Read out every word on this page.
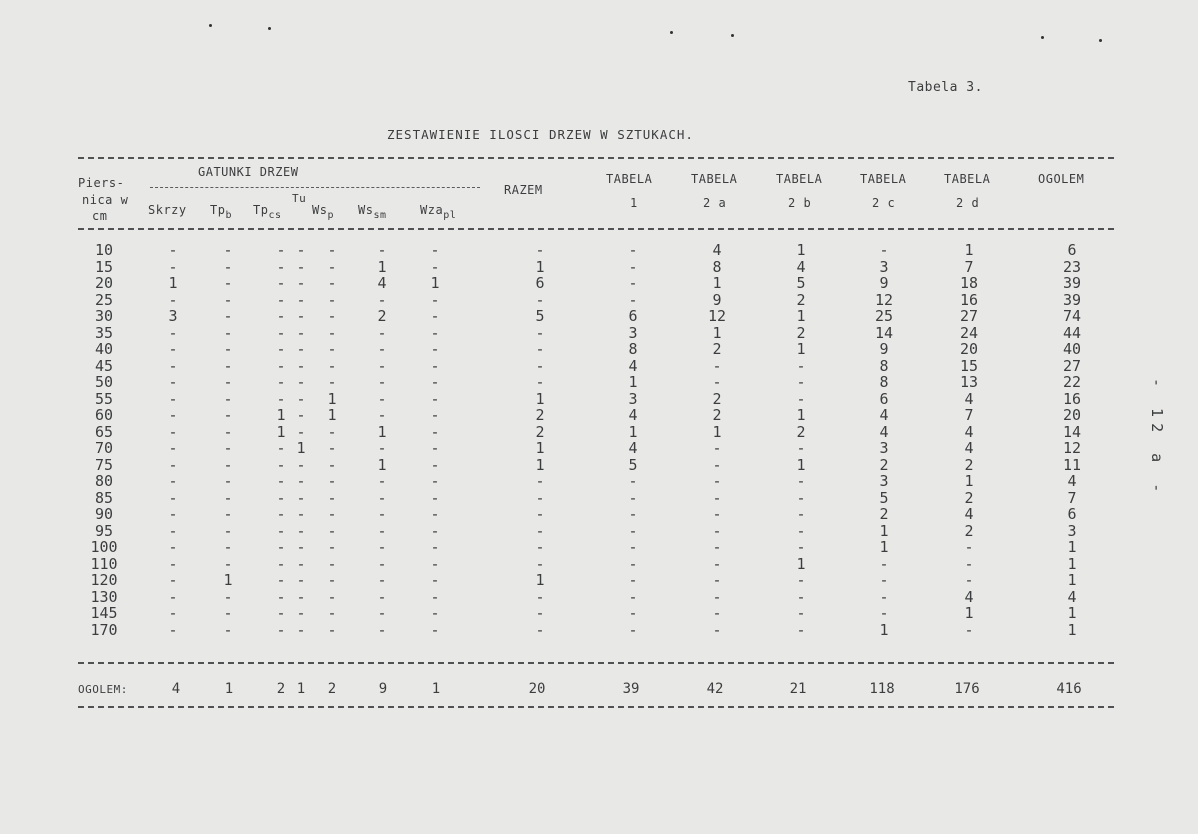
Tabela 3.
ZESTAWIENIE ILOSCI DRZEW W SZTUKACH.
Piers-
nica w
cm
GATUNKI DRZEW
Skrzy $Tp_b$ $Tp_{cs}$
Tu
$Ws_p$ $Ws_{sm}$	Wza$_{pl}$
RAZEM
TABELA
1
TABELA
2 a
TABELA
2 b
TABELA
2 c
TABELA
2 d
OGOLEM
10	-	-	- -	-	-	-	-	-	4	1	-	1	6
15	-	-	- -	-	1	-	1	-	8	4	3	7	23
20	1	-	- -	-	4	1	6	-	1	5	9	18	39
25	-	-	- -	-	-	-	-	-	9	2	12	16	39
30	3	-	- -	-	2	-	5	6	12	1	25	27	74
35	-	-	- -	-	-	-	-	3	1	2	14	24	44
40	-	-	- -	-	-	-	-	8	2	1	9	20	40
45	-	-	- -	-	-	-	-	4	-	-	8	15	27
50	-	-	- -	-	-	-	-	1	-	-	8	13	22
55	-	-	- -	1	-	-	1	3	2	-	6	4	16
60	-	-	1 -	1	-	-	2	4	2	1	4	7	20
65	-	-	1 -	-	1	-	2	1	1	2	4	4	14
70	-	-	- 1	-	-	-	1	4	-	-	3	4	12
75	-	-	- -	-	1	-	1	5	-	1	2	2	11
80	-	-	- -	-	-	-	-	-	-	-	3	1	4
85	-	-	- -	-	-	-	-	-	-	-	5	2	7
90	-	-	- -	-	-	-	-	-	-	-	2	4	6
95	-	-	- -	-	-	-	-	-	-	-	1	2	3
100	-	-	- -	-	-	-	-	-	-	-	1	-	1
110	-	-	- -	-	-	-	-	-	-	1	-	-	1
120	-	1	- -	-	-	-	1	-	-	-	-	-	1
130	-	-	- -	-	-	-	-	-	-	-	-	4	4
145	-	-	- -	-	-	-	-	-	-	-	-	1	1
170	-	-	- -	-	-	-	-	-	-	-	1	-	1
OGOLEM:	4	1	2 1	2	9	1	20	39	42	21	118	176	416
- 12 a -
